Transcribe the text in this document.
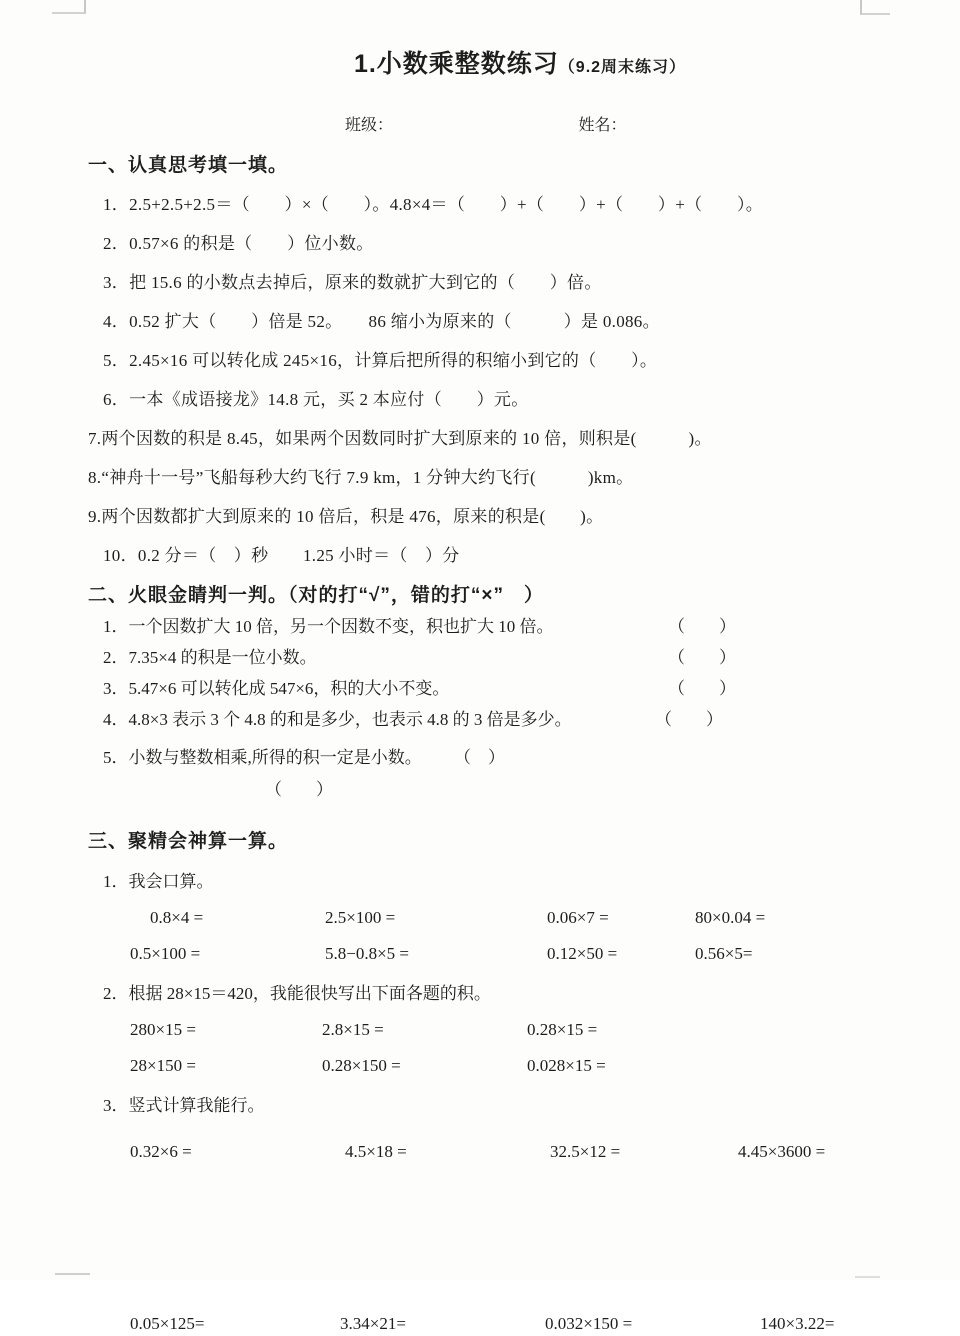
1.小数乘整数练习（9.2周末练习）
班级：	姓名：
一、认真思考填一填。
1．2.5+2.5+2.5＝（　　）×（　　）。4.8×4＝（　　）+（　　）+（　　）+（　　）。
2．0.57×6 的积是（　　）位小数。
3．把 15.6 的小数点去掉后，原来的数就扩大到它的（　　）倍。
4．0.52 扩大（　　）倍是 52。　　86 缩小为原来的（　　　）是 0.086。
5．2.45×16 可以转化成 245×16，计算后把所得的积缩小到它的（　　）。
6．一本《成语接龙》14.8 元，买 2 本应付（　　）元。
7.两个因数的积是 8.45，如果两个因数同时扩大到原来的 10 倍，则积是(　　　)。
8.“神舟十一号”飞船每秒大约飞行 7.9 km，1 分钟大约飞行(　　　)km。
9.两个因数都扩大到原来的 10 倍后，积是 476，原来的积是(　　)。
10．0.2 分＝（　）秒　　1.25 小时＝（　）分
二、火眼金睛判一判。（对的打“√”，错的打“×”　）
1．一个因数扩大 10 倍，另一个因数不变，积也扩大 10 倍。	（　　）
2．7.35×4 的积是一位小数。	（　　）
3．5.47×6 可以转化成 547×6，积的大小不变。	（　　）
4．4.8×3 表示 3 个 4.8 的和是多少，也表示 4.8 的 3 倍是多少。	（　　）
5．小数与整数相乘,所得的积一定是小数。 （　）
（　　）
三、聚精会神算一算。
1．我会口算。
0.8×4 =	2.5×100 =	0.06×7 =	80×0.04 =
0.5×100 =	5.8−0.8×5 =	0.12×50 =	0.56×5=
2．根据 28×15＝420，我能很快写出下面各题的积。
280×15 =	2.8×15 =	0.28×15 =
28×150 =	0.28×150 =	0.028×15 =
3．竖式计算我能行。
0.32×6 =	4.5×18 =	32.5×12 =	4.45×3600 =
0.05×125=	3.34×21=	0.032×150 =	140×3.22=
